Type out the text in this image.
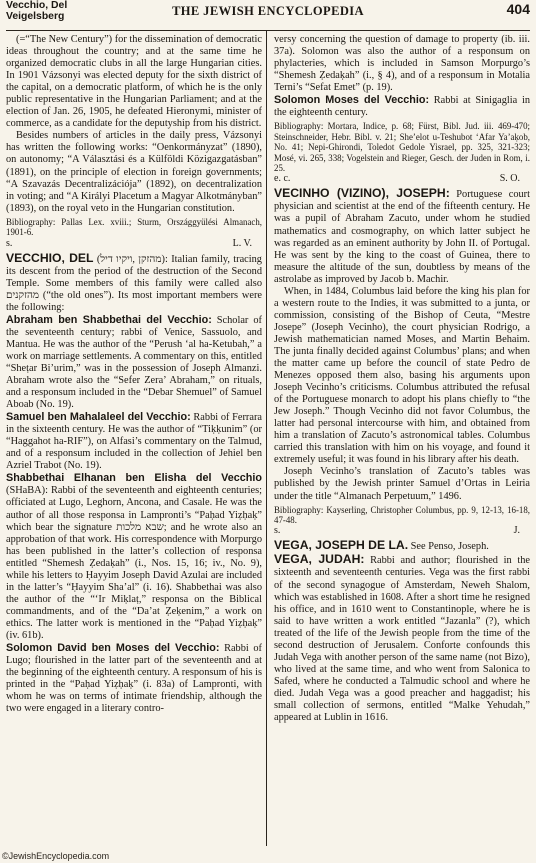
Vecchio, Del
Veigelsberg	THE JEWISH ENCYCLOPEDIA	404

(=“The New Century”) for the dissemination of democratic ideas throughout the country; and at the same time he organized democratic clubs in all the large Hungarian cities. In 1901 Vázsonyi was elected deputy for the sixth district of the capital, on a democratic platform, of which he is the only public representative in the Hungarian Parliament; and at the election of Jan. 26, 1905, he defeated Hieronymi, minister of commerce, as a candidate for the deputyship from his district.

Besides numbers of articles in the daily press, Vázsonyi has written the following works: “Oenkormányzat” (1890), on autonomy; “A Választási és a Külföldi Közigazgatásban” (1891), on the principle of election in foreign governments; “A Szavazás Decentralizációja” (1892), on decentralization in voting; and “A Királyi Placetum a Magyar Alkotmányban” (1893), on the royal veto in the Hungarian constitution.

Bibliography: Pallas Lex. xviii.; Sturm, Országgyülési Almanach, 1901-6.

s.	L. V.

VECCHIO, DEL (מהזקן ,ויקיו דיל): Italian family, tracing its descent from the period of the destruction of the Second Temple. Some members of this family were called also מהזקנים (“the old ones”). Its most important members were the following:

Abraham ben Shabbethai del Vecchio: Scholar of the seventeenth century; rabbi of Venice, Sassuolo, and Mantua. He was the author of the “Perush ‘al ha-Ketubah,” a work on marriage settlements. A commentary on this, entitled “Sheṭar Bi’urim,” was in the possession of Joseph Almanzi. Abraham wrote also the “Sefer Zera’ Abraham,” on rituals, and a responsum included in the “Debar Shemuel” of Samuel Aboab (No. 19).

Samuel ben Mahalaleel del Vecchio: Rabbi of Ferrara in the sixteenth century. He was the author of “Tiḳḳunim” (or “Haggahot ha-RIF”), on Alfasi’s commentary on the Talmud, and of a responsum included in the collection of Jehiel ben Azriel Trabot (No. 19).

Shabbethai Elhanan ben Elisha del Vecchio (SHaBA): Rabbi of the seventeenth and eighteenth centuries; officiated at Lugo, Leghorn, Ancona, and Casale. He was the author of all those responsa in Lampronti’s “Paḥad Yiẓḥaḳ” which bear the signature שבא מלכות; and he wrote also an approbation of that work. His correspondence with Morpurgo has been published in the latter’s collection of responsa entitled “Shemesh Ẓedaḳah” (i., Nos. 15, 16; iv., No. 9), while his letters to Ḥayyim Joseph David Azulai are included in the latter’s “Ḥayyim Sha’al” (i. 16). Shabbethai was also the author of the “‘Ir Miḳlaṭ,” responsa on the Biblical commandments, and of the “Da’at Ẓeḳenim,” a work on ethics. The latter work is mentioned in the “Paḥad Yiẓḥaḳ” (iv. 61b).

Solomon David ben Moses del Vecchio: Rabbi of Lugo; flourished in the latter part of the seventeenth and at the beginning of the eighteenth century. A responsum of his is printed in the “Paḥad Yiẓḥaḳ” (i. 83a) of Lampronti, with whom he was on terms of intimate friendship, although the two were engaged in a literary contro-

versy concerning the question of damage to property (ib. iii. 37a). Solomon was also the author of a responsum on phylacteries, which is included in Samson Morpurgo’s “Shemesh Ẓedaḳah” (i., § 4), and of a responsum in Motalia Terni’s “Sefat Emet” (p. 19).

Solomon Moses del Vecchio: Rabbi at Sinigaglia in the eighteenth century.

Bibliography: Mortara, Indice, p. 68; Fürst, Bibl. Jud. iii. 469-470; Steinschneider, Hebr. Bibl. v. 21; She’elot u-Teshubot ‘Afar Ya’aḳob, No. 41; Nepi-Ghirondi, Toledot Gedole Yisrael, pp. 325, 321-323; Mosé, vi. 265, 338; Vogelstein and Rieger, Gesch. der Juden in Rom, i. 25.

e. c.	S. O.

VECINHO (VIZINO), JOSEPH: Portuguese court physician and scientist at the end of the fifteenth century. He was a pupil of Abraham Zacuto, under whom he studied mathematics and cosmography, on which latter subject he was regarded as an eminent authority by John II. of Portugal. He was sent by the king to the coast of Guinea, there to measure the altitude of the sun, doubtless by means of the astrolabe as improved by Jacob b. Machir.

When, in 1484, Columbus laid before the king his plan for a western route to the Indies, it was submitted to a junta, or commission, consisting of the Bishop of Ceuta, “Mestre Josepe” (Joseph Vecinho), the court physician Rodrigo, a Jewish mathematician named Moses, and Martin Behaim. The junta finally decided against Columbus’ plans; and when the matter came up before the council of state Pedro de Menezes opposed them also, basing his arguments upon Joseph Vecinho’s criticisms. Columbus attributed the refusal of the Portuguese monarch to adopt his plans chiefly to “the Jew Joseph.” Though Vecinho did not favor Columbus, the latter had personal intercourse with him, and obtained from him a translation of Zacuto’s astronomical tables. Columbus carried this translation with him on his voyage, and found it extremely useful; it was found in his library after his death.

Joseph Vecinho’s translation of Zacuto’s tables was published by the Jewish printer Samuel d’Ortas in Leiria under the title “Almanach Perpetuum,” 1496.

Bibliography: Kayserling, Christopher Columbus, pp. 9, 12-13, 16-18, 47-48.

s.	J.

VEGA, JOSEPH DE LA. See Penso, Joseph.

VEGA, JUDAH: Rabbi and author; flourished in the sixteenth and seventeenth centuries. Vega was the first rabbi of the second synagogue of Amsterdam, Neweh Shalom, which was established in 1608. After a short time he resigned his office, and in 1610 went to Constantinople, where he is said to have written a work entitled “Jazanla” (?), which treated of the life of the Jewish people from the time of the second destruction of Jerusalem. Conforte confounds this Judah Vega with another person of the same name (not Bizo), who lived at the same time, and who went from Salonica to Safed, where he conducted a Talmudic school and where he died. Judah Vega was a good preacher and haggadist; his small collection of sermons, entitled “Malke Yehudah,” appeared at Lublin in 1616.

©JewishEncyclopedia.com
